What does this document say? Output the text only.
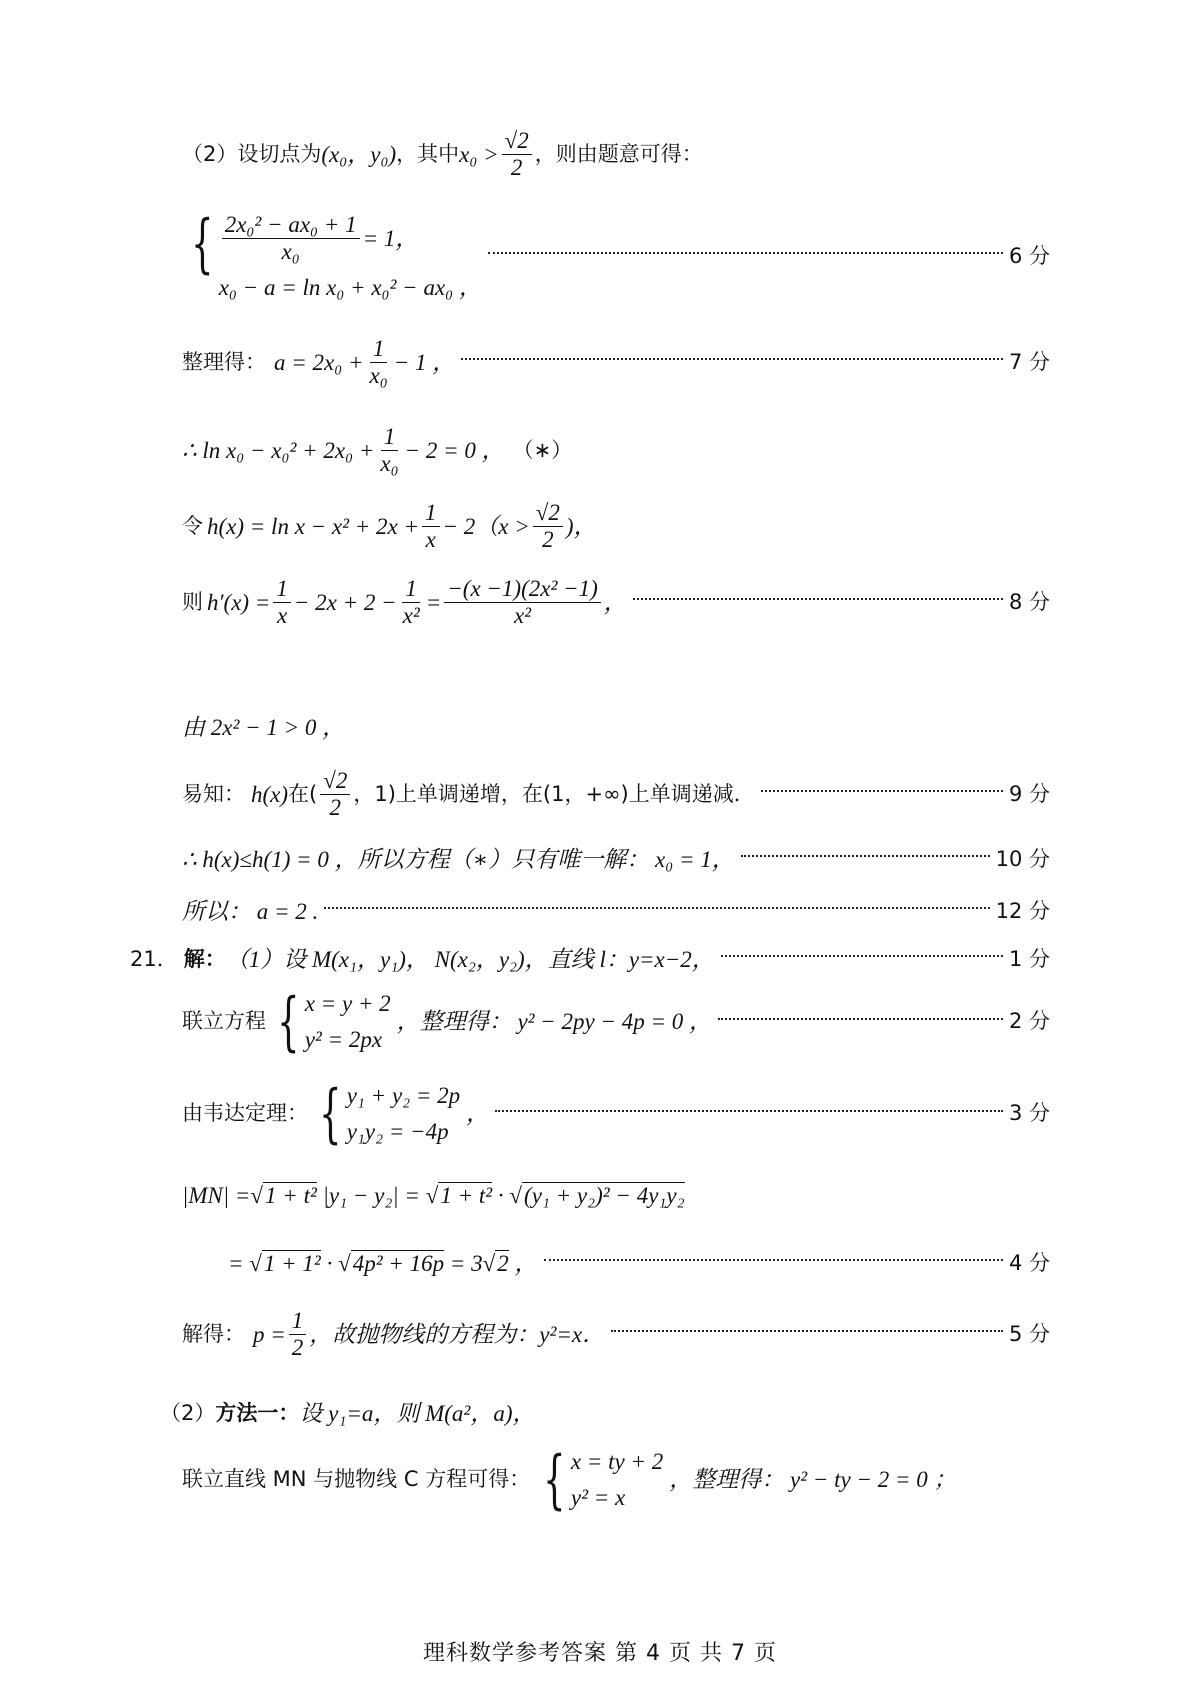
（2）设切点为 (x₀，y₀) ，其中 $x_0 > \frac{√2}{2}$ ，则由题意可得：
{ $\frac{\text{2x₀² − ax₀ + 1}}{\text{x₀}} = 1$，
x₀ − a = ln x₀ + x₀² − ax₀ ，
6 分
整理得： $a = 2x_0 + \frac{1}{\text{x₀}} - 1$ ，	7 分
∴ $\ln x_0 - x_0^2 + 2x_0 + \frac{1}{\text{x₀}} - 2 = 0$ ， （∗）
令 $h(x) = \ln x - x^2 + 2x + \frac{1}{x} - 2(x > \frac{√2}{2}$ )，
则 $h'(x) = \frac{1}{x} - 2x + 2 - \frac{1}{\text{x²}} = \frac{\text{−(x −1)(2x² −1)}}{\text{x²}}$ ，	8 分
由 2x² − 1 > 0 ，
易知： h(x) 在( $\frac{√2}{2}$ ，1)上单调递增，在(1，+∞)上单调递减．	9 分
∴ h(x)≤h(1) = 0 ，所以方程（∗）只有唯一解： x₀ = 1，	10 分
所以： a = 2 .	12 分
21． 解： （1）设 M(x₁，y₁)， N(x₂，y₂)，直线 l：y=x−2，	1 分
联立方程 { x = y + 2
y² = 2px
，整理得： y² − 2py − 4p = 0 ，	2 分
由韦达定理： { y₁ + y₂ = 2p
y₁y₂ = −4p
，	3 分
|MN| = √1 + t² |y₁ − y₂| = √1 + t² · √(y₁ + y₂)² − 4y₁y₂
= √1 + 1² · √4p² + 16p = 3 √2 ，	4 分
解得： $p = \frac{1}{2}$ ，故抛物线的方程为：y²=x．	5 分
（2） 方法一： 设 y₁=a，则 M(a²，a)，
联立直线 MN 与抛物线 C 方程可得： { x = ty + 2
y² = x
，整理得： y² − ty − 2 = 0 ；
理科数学参考答案 第 4 页 共 7 页
